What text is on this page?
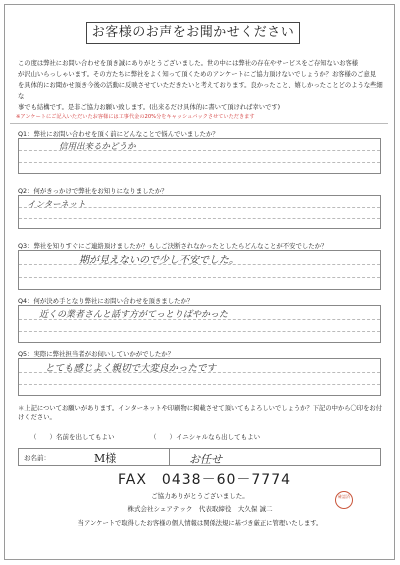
お客様のお声をお聞かせください

この度は弊社にお問い合わせを頂き誠にありがとうございました。世の中には弊社の存在やサービスをご存知ないお客様

が沢山いらっしゃいます。その方たちに弊社をよく知って頂くためのアンケートにご協力頂けないでしょうか？お客様のご意見

を具体的にお聞かせ頂き今後の活動に反映させていただきたいと考えております。良かったこと、嬉しかったことどのような些細な

事でも結構です。是非ご協力お願い致します。(出来るだけ具体的に書いて頂ければ幸いです)

※アンケートにご記入いただいたお客様には工事代金の20%分をキャッシュバックさせていただきます
Q1：弊社にお問い合わせを頂く前にどんなことで悩んでいましたか？
信用出来るかどうか
Q2：何がきっかけで弊社をお知りになりましたか？
インターネット
Q3：弊社を知りすぐにご連絡頂けましたか？もしご決断されなかったとしたらどんなことが不安でしたか？
期が見えないので少し不安でした。
Q4：何が決め手となり弊社にお問い合わせを頂きましたか？
近くの業者さんと話す方がてっとりばやかった
Q5：実際に弊社担当者がお伺いしていかがでしたか？
とても感じよく親切で大変良かったです
＊上記についてお願いがあります。インターネットや印刷物に掲載させて頂いてもよろしいでしょうか？下記の中から〇印をお付けください。
（　　）名前を出してもよい	（　　）イニシャルなら出してもよい
お名前：	M様	お任せ
FAX　0438－60－7774
ご協力ありがとうございました。
株式会社シェアテック　代表取締役　大久保 誠二
当アンケートで取得したお客様の個人情報は関係法規に基づき厳正に管理いたします。
確認済
